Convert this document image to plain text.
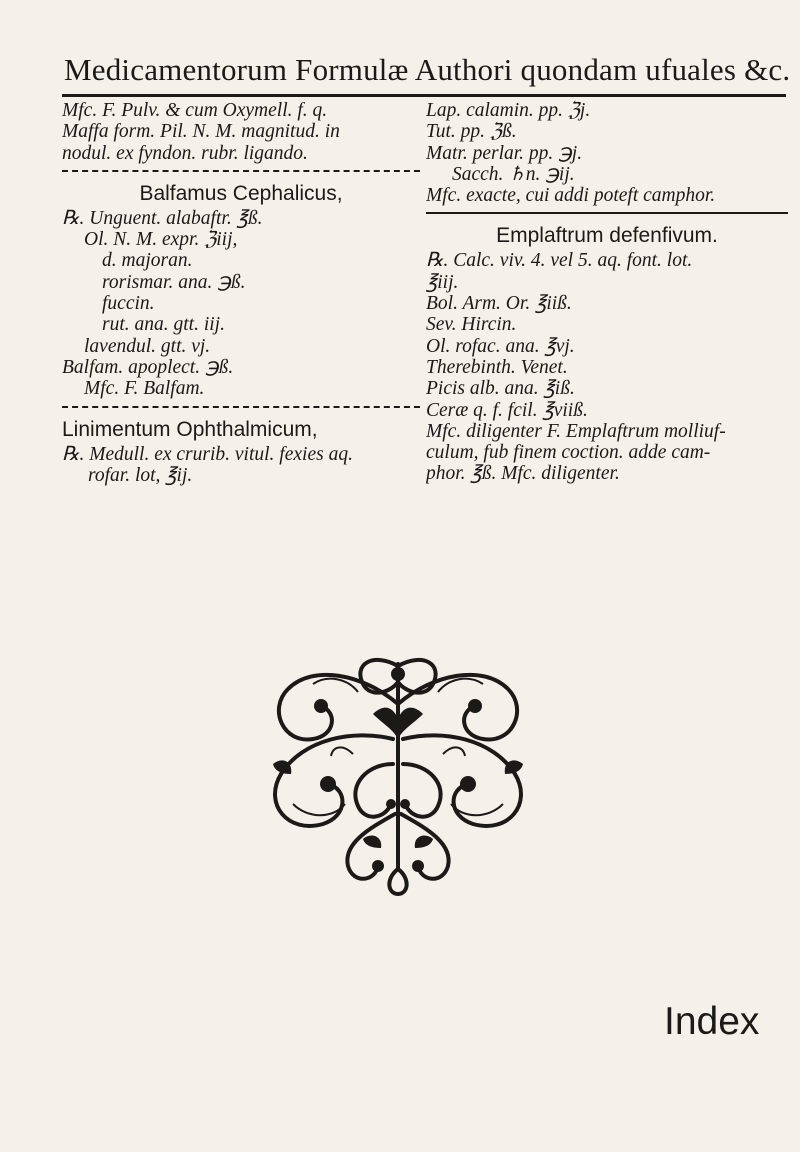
Medicamentorum Formulæ Authori quondam ufuales &c.
Mfc. F. Pulv. & cum Oxymell. f. q.
Maffa form. Pil. N. M. magnitud. in
nodul. ex fyndon. rubr. ligando.
Balfamus Cephalicus,
℞. Unguent. alabaftr. ℥ß.
Ol. N. M. expr. ℨiij,
d. majoran.
rorismar. ana. ℈ß.
fuccin.
rut. ana. gtt. iij.
lavendul. gtt. vj.
Balfam. apoplect. ℈ß.
Mfc. F. Balfam.
Linimentum Ophthalmicum,
℞. Medull. ex crurib. vitul. fexies aq.
rofar. lot, ℥ij.
Lap. calamin. pp. ℨj.
Tut. pp. ℨß.
Matr. perlar. pp. ℈j.
Sacch. ♄n. ℈ij.
Mfc. exacte, cui addi poteft camphor.
Emplaftrum defenfivum.
℞. Calc. viv. 4. vel 5. aq. font. lot.
℥iij.
Bol. Arm. Or. ℥iiß.
Sev. Hircin.
Ol. rofac. ana. ℥vj.
Therebinth. Venet.
Picis alb. ana. ℥iß.
Ceræ q. f. fcil. ℥viiß.
Mfc. diligenter F. Emplaftrum molliuf-
culum, fub finem coction. adde cam-
phor. ℥ß. Mfc. diligenter.
Index
